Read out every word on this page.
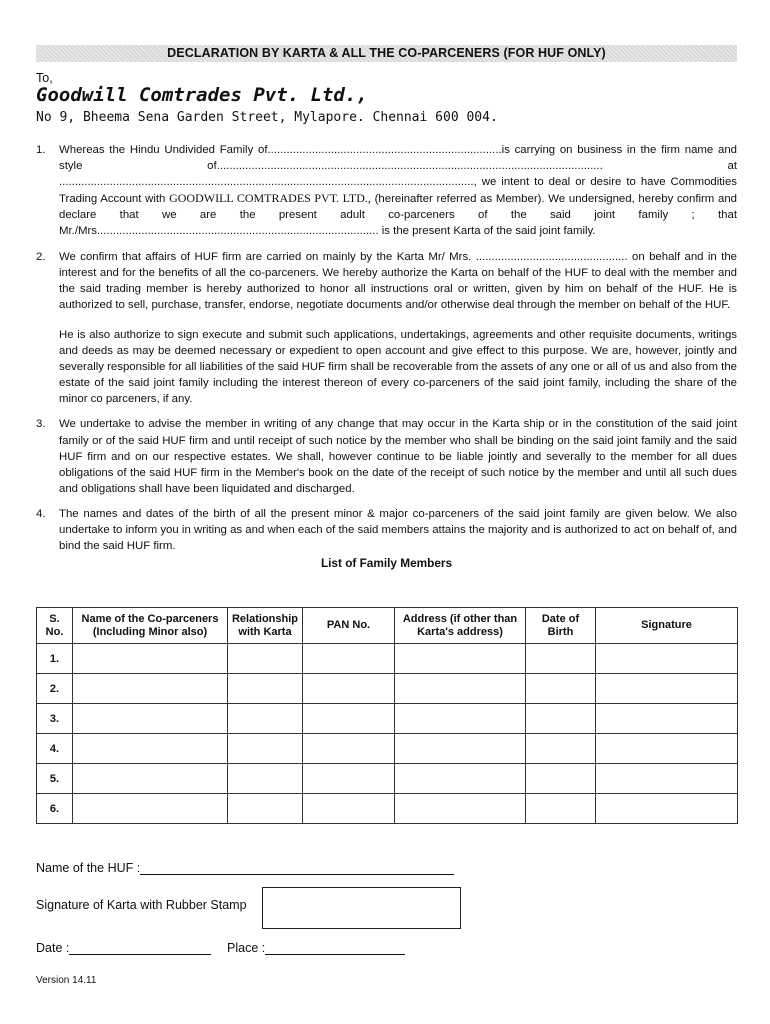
DECLARATION BY KARTA & ALL THE CO-PARCENERS (FOR HUF ONLY)
To,
Goodwill Comtrades Pvt. Ltd.,
No 9, Bheema Sena Garden Street, Mylapore. Chennai 600 004.
1.	Whereas the Hindu Undivided Family of..........................................................................is carrying on business in the firm name and style of.......................................................................................................................... at ..................................................................................................................................., we intent to deal or desire to have Commodities Trading Account with GOODWILL COMTRADES PVT. LTD., (hereinafter referred as Member). We undersigned, hereby confirm and declare that we are the present adult co-parceners of the said joint family ; that Mr./Mrs......................................................................................... is the present Karta of the said joint family.

2.	We confirm that affairs of HUF firm are carried on mainly by the Karta Mr/ Mrs. ................................................ on behalf and in the interest and for the benefits of all the co-parceners. We hereby authorize the Karta on behalf of the HUF to deal with the member and the said trading member is hereby authorized to honor all instructions oral or written, given by him on behalf of the HUF. He is authorized to sell, purchase, transfer, endorse, negotiate documents and/or otherwise deal through the member on behalf of the HUF.

He is also authorize to sign execute and submit such applications, undertakings, agreements and other requisite documents, writings and deeds as may be deemed necessary or expedient to open account and give effect to this purpose. We are, however, jointly and severally responsible for all liabilities of the said HUF firm shall be recoverable from the assets of any one or all of us and also from the estate of the said joint family including the interest thereon of every co-parceners of the said joint family, including the share of the minor co parceners, if any.

3.	We undertake to advise the member in writing of any change that may occur in the Karta ship or in the constitution of the said joint family or of the said HUF firm and until receipt of such notice by the member who shall be binding on the said joint family and the said HUF firm and on our respective estates. We shall, however continue to be liable jointly and severally to the member for all dues obligations of the said HUF firm in the Member's book on the date of the receipt of such notice by the member and until all such dues and obligations shall have been liquidated and discharged.

4.	The names and dates of the birth of all the present minor & major co-parceners of the said joint family are given below. We also undertake to inform you in writing as and when each of the said members attains the majority and is authorized to act on behalf of, and bind the said HUF firm.

List of Family Members
S. No.	Name of the Co-parceners (Including Minor also)	Relationship with Karta	PAN No.	Address (if other than Karta's address)	Date of Birth	Signature
1.						
2.						
3.						
4.						
5.						
6.						
Name of the HUF :
Signature of Karta with Rubber Stamp
Date :	Place :
Version 14.11
